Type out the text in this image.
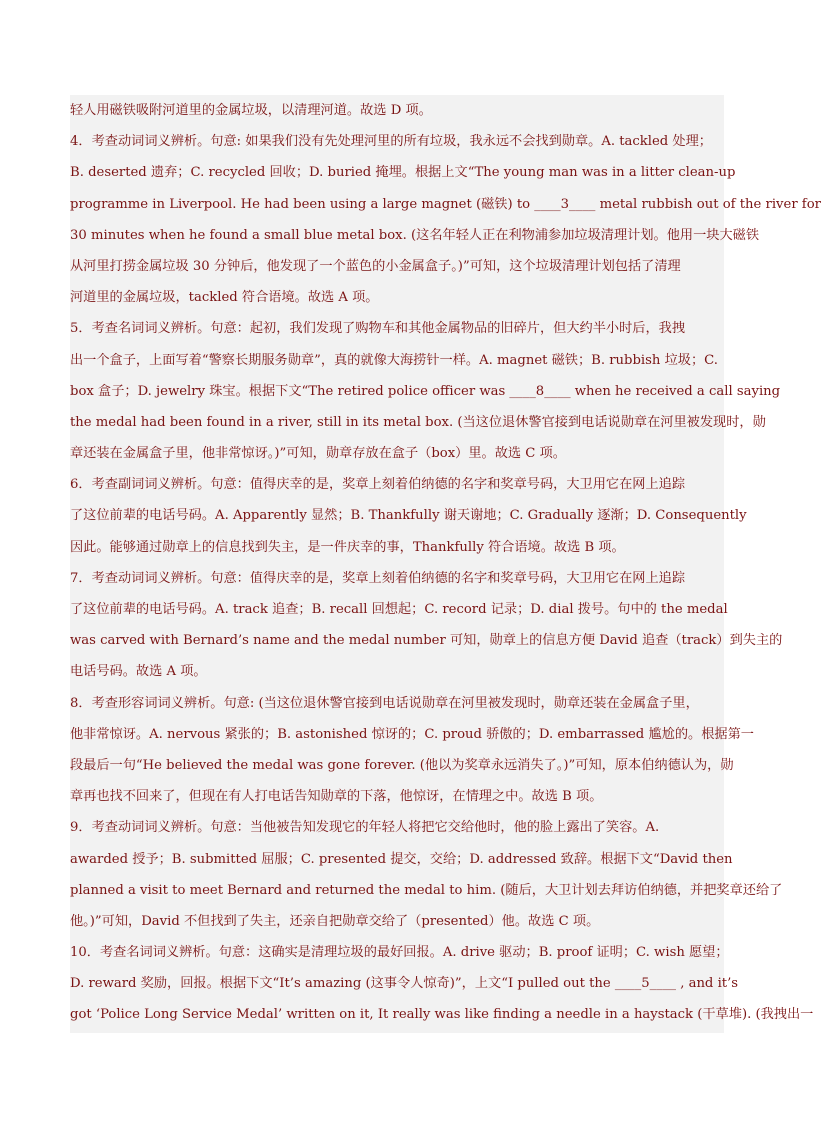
轻人用磁铁吸附河道里的金属垃圾，以清理河道。故选 D 项。
4．考查动词词义辨析。句意: 如果我们没有先处理河里的所有垃圾，我永远不会找到勋章。A. tackled 处理；
B. deserted 遗弃；C. recycled 回收；D. buried 掩埋。根据上文“The young man was in a litter clean-up
programme in Liverpool. He had been using a large magnet (磁铁) to ____3____ metal rubbish out of the river for
30 minutes when he found a small blue metal box. (这名年轻人正在利物浦参加垃圾清理计划。他用一块大磁铁
从河里打捞金属垃圾 30 分钟后，他发现了一个蓝色的小金属盒子。)”可知，这个垃圾清理计划包括了清理
河道里的金属垃圾，tackled 符合语境。故选 A 项。
5．考查名词词义辨析。句意：起初，我们发现了购物车和其他金属物品的旧碎片，但大约半小时后，我拽
出一个盒子，上面写着“警察长期服务勋章”，真的就像大海捞针一样。A. magnet 磁铁；B. rubbish 垃圾；C.
box 盒子；D. jewelry 珠宝。根据下文“The retired police officer was ____8____ when he received a call saying
the medal had been found in a river, still in its metal box. (当这位退休警官接到电话说勋章在河里被发现时，勋
章还装在金属盒子里，他非常惊讶。)”可知，勋章存放在盒子（box）里。故选 C 项。
6．考查副词词义辨析。句意：值得庆幸的是，奖章上刻着伯纳德的名字和奖章号码，大卫用它在网上追踪
了这位前辈的电话号码。A. Apparently 显然；B. Thankfully 谢天谢地；C. Gradually 逐渐；D. Consequently
因此。能够通过勋章上的信息找到失主，是一件庆幸的事，Thankfully 符合语境。故选 B 项。
7．考查动词词义辨析。句意：值得庆幸的是，奖章上刻着伯纳德的名字和奖章号码，大卫用它在网上追踪
了这位前辈的电话号码。A. track 追查；B. recall 回想起；C. record 记录；D. dial 拨号。句中的 the medal
was carved with Bernard’s name and the medal number 可知，勋章上的信息方便 David 追查（track）到失主的
电话号码。故选 A 项。
8．考查形容词词义辨析。句意: (当这位退休警官接到电话说勋章在河里被发现时，勋章还装在金属盒子里，
他非常惊讶。A. nervous 紧张的；B. astonished 惊讶的；C. proud 骄傲的；D. embarrassed 尴尬的。根据第一
段最后一句“He believed the medal was gone forever. (他以为奖章永远消失了。)”可知，原本伯纳德认为，勋
章再也找不回来了，但现在有人打电话告知勋章的下落，他惊讶，在情理之中。故选 B 项。
9．考查动词词义辨析。句意：当他被告知发现它的年轻人将把它交给他时，他的脸上露出了笑容。A.
awarded 授予；B. submitted 屈服；C. presented 提交，交给；D. addressed 致辞。根据下文“David then
planned a visit to meet Bernard and returned the medal to him. (随后，大卫计划去拜访伯纳德，并把奖章还给了
他。)”可知，David 不但找到了失主，还亲自把勋章交给了（presented）他。故选 C 项。
10．考查名词词义辨析。句意：这确实是清理垃圾的最好回报。A. drive 驱动；B. proof 证明；C. wish 愿望；
D. reward 奖励，回报。根据下文“It’s amazing (这事令人惊奇)”，上文“I pulled out the ____5____ , and it’s
got ‘Police Long Service Medal’ written on it, It really was like finding a needle in a haystack (干草堆). (我拽出一
